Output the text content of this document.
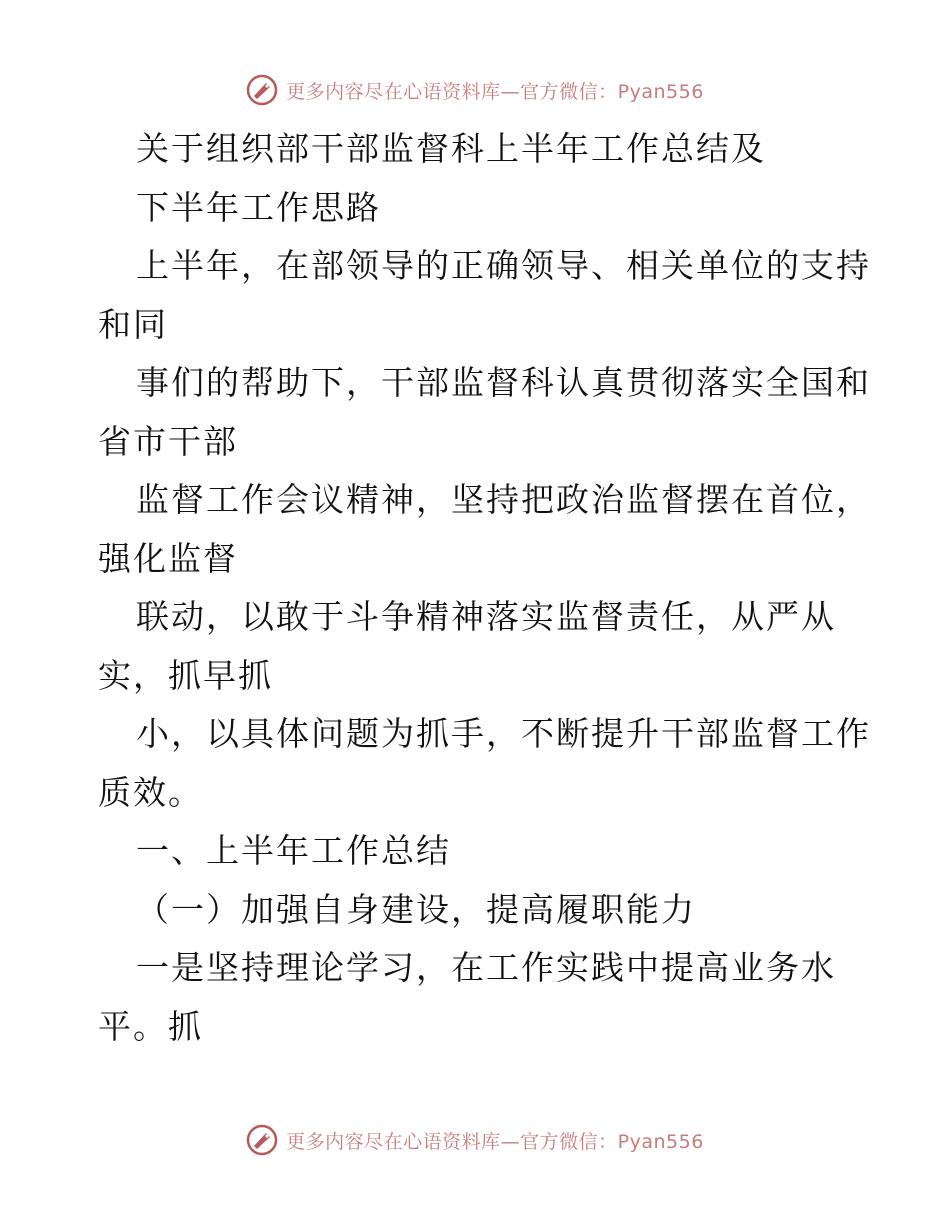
更多内容尽在心语资料库—官方微信：Pyan556
关于组织部干部监督科上半年工作总结及
下半年工作思路
上半年，在部领导的正确领导、相关单位的支持
和同
事们的帮助下，干部监督科认真贯彻落实全国和
省市干部
监督工作会议精神，坚持把政治监督摆在首位，
强化监督
联动，以敢于斗争精神落实监督责任，从严从
实，抓早抓
小，以具体问题为抓手，不断提升干部监督工作
质效。
一、上半年工作总结
（一）加强自身建设，提高履职能力
一是坚持理论学习，在工作实践中提高业务水
平。抓
更多内容尽在心语资料库—官方微信：Pyan556
